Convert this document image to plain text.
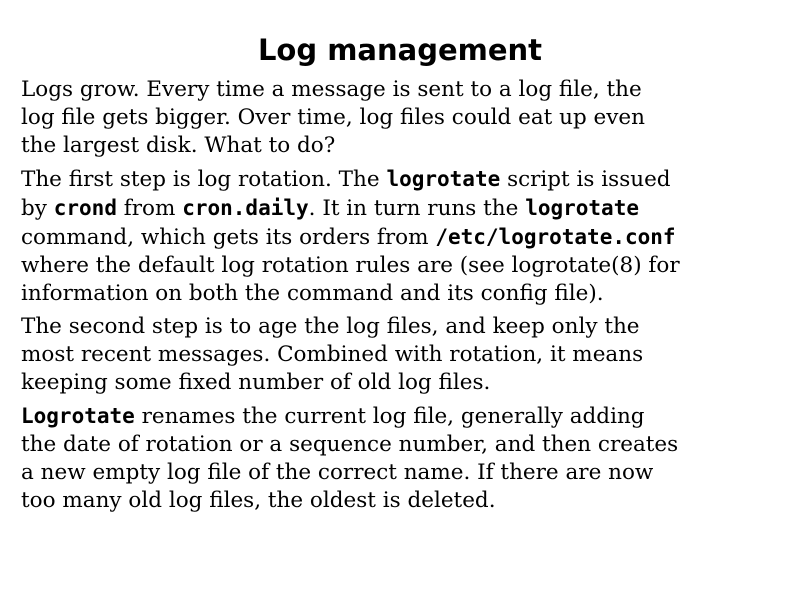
Log management

Logs grow. Every time a message is sent to a log file, the
log file gets bigger. Over time, log files could eat up even
the largest disk. What to do?

The first step is log rotation. The logrotate script is issued
by crond from cron.daily. It in turn runs the logrotate
command, which gets its orders from /etc/logrotate.conf
where the default log rotation rules are (see logrotate(8) for
information on both the command and its config file).

The second step is to age the log files, and keep only the
most recent messages. Combined with rotation, it means
keeping some fixed number of old log files.

Logrotate renames the current log file, generally adding
the date of rotation or a sequence number, and then creates
a new empty log file of the correct name. If there are now
too many old log files, the oldest is deleted.
